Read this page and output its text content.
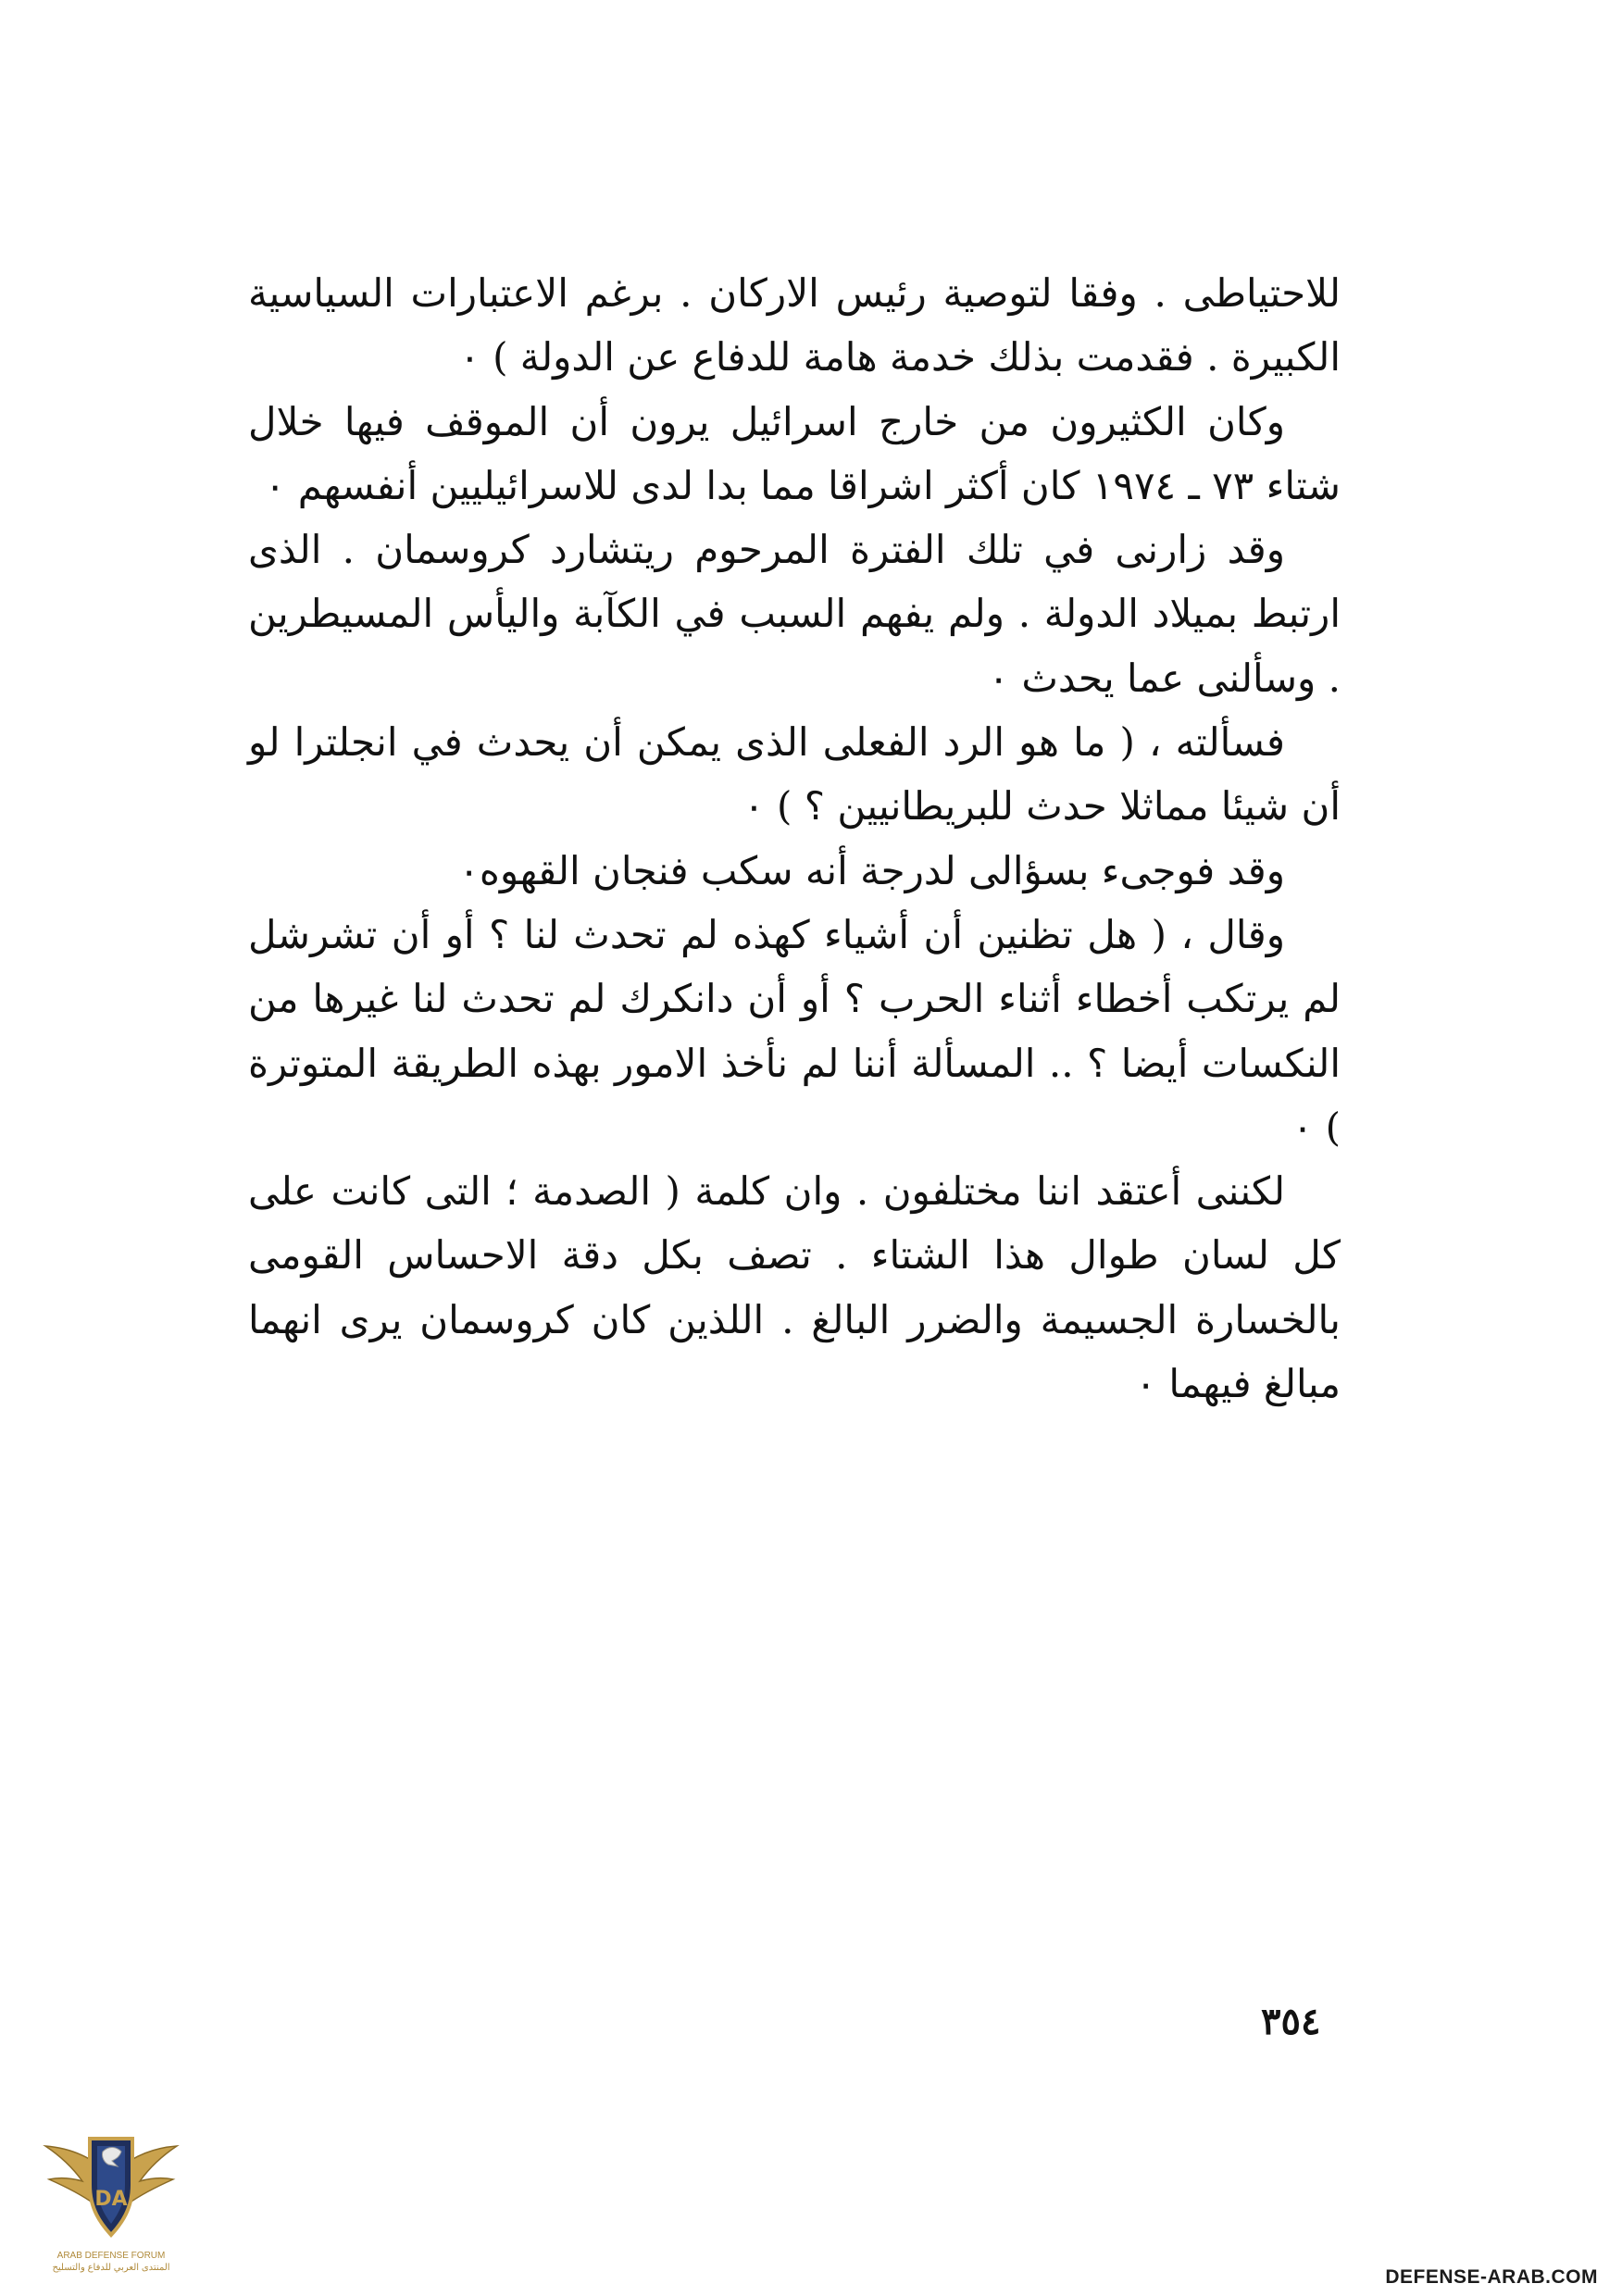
للاحتياطى . وفقا لتوصية رئيس الاركان . برغم الاعتبارات السياسية الكبيرة . فقدمت بذلك خدمة هامة للدفاع عن الدولة ) ٠

وكان الكثيرون من خارج اسرائيل يرون أن الموقف فيها خلال شتاء ٧٣ ـ ١٩٧٤ كان أكثر اشراقا مما بدا لدى للاسرائيليين أنفسهم ٠

وقد زارنى في تلك الفترة المرحوم ريتشارد كروسمان . الذى ارتبط بميلاد الدولة . ولم يفهم السبب في الكآبة واليأس المسيطرين . وسألنى عما يحدث ٠

فسألته ، ( ما هو الرد الفعلى الذى يمكن أن يحدث في انجلترا لو أن شيئا مماثلا حدث للبريطانيين ؟ ) ٠

وقد فوجىء بسؤالى لدرجة أنه سكب فنجان القهوه٠

وقال ، ( هل تظنين أن أشياء كهذه لم تحدث لنا ؟ أو أن تشرشل لم يرتكب أخطاء أثناء الحرب ؟ أو أن دانكرك لم تحدث لنا غيرها من النكسات أيضا ؟ .. المسألة أننا لم نأخذ الامور بهذه الطريقة المتوترة ) ٠

لكننى أعتقد اننا مختلفون . وان كلمة ( الصدمة ؛ التى كانت على كل لسان طوال هذا الشتاء . تصف بكل دقة الاحساس القومى بالخسارة الجسيمة والضرر البالغ . اللذين كان كروسمان يرى انهما مبالغ فيهما ٠

٣٥٤
DA
ARAB DEFENSE FORUM
المنتدى العربي للدفاع والتسليح	DEFENSE-ARAB.COM
